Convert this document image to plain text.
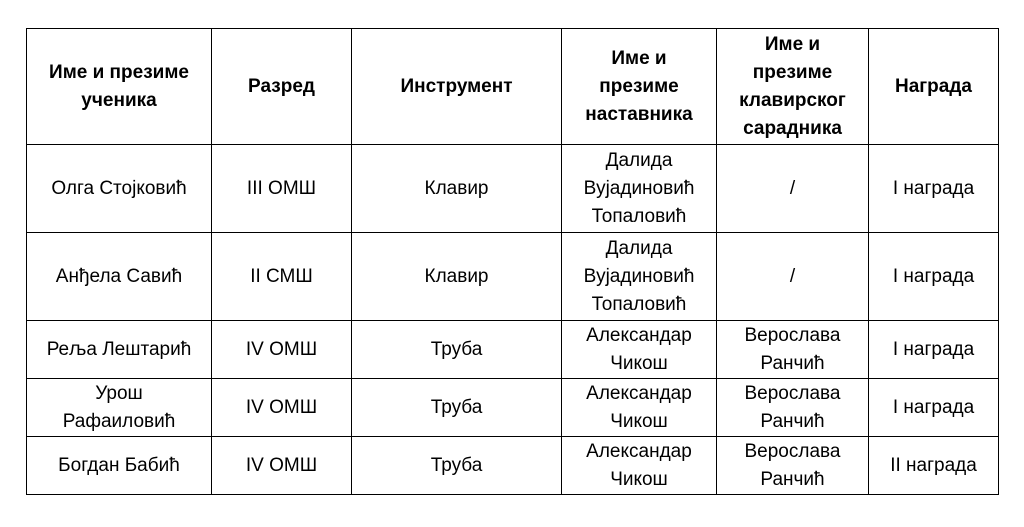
Име и презиме
ученика	Разред	Инструмент	Име и
презиме
наставника	Име и
презиме
клавирског
сарадника	Награда

Олга Стојковић	III ОМШ	Клавир	Далида
Вујадиновић
Топаловић	/	I награда

Анђела Савић	II СМШ	Клавир	Далида
Вујадиновић
Топаловић	/	I награда

Реља Лештарић	IV ОМШ	Труба	Александар
Чикош	Верослава
Ранчић	I награда

Урош
Рафаиловић	IV ОМШ	Труба	Александар
Чикош	Верослава
Ранчић	I награда

Богдан Бабић	IV ОМШ	Труба	Александар
Чикош	Верослава
Ранчић	II награда
